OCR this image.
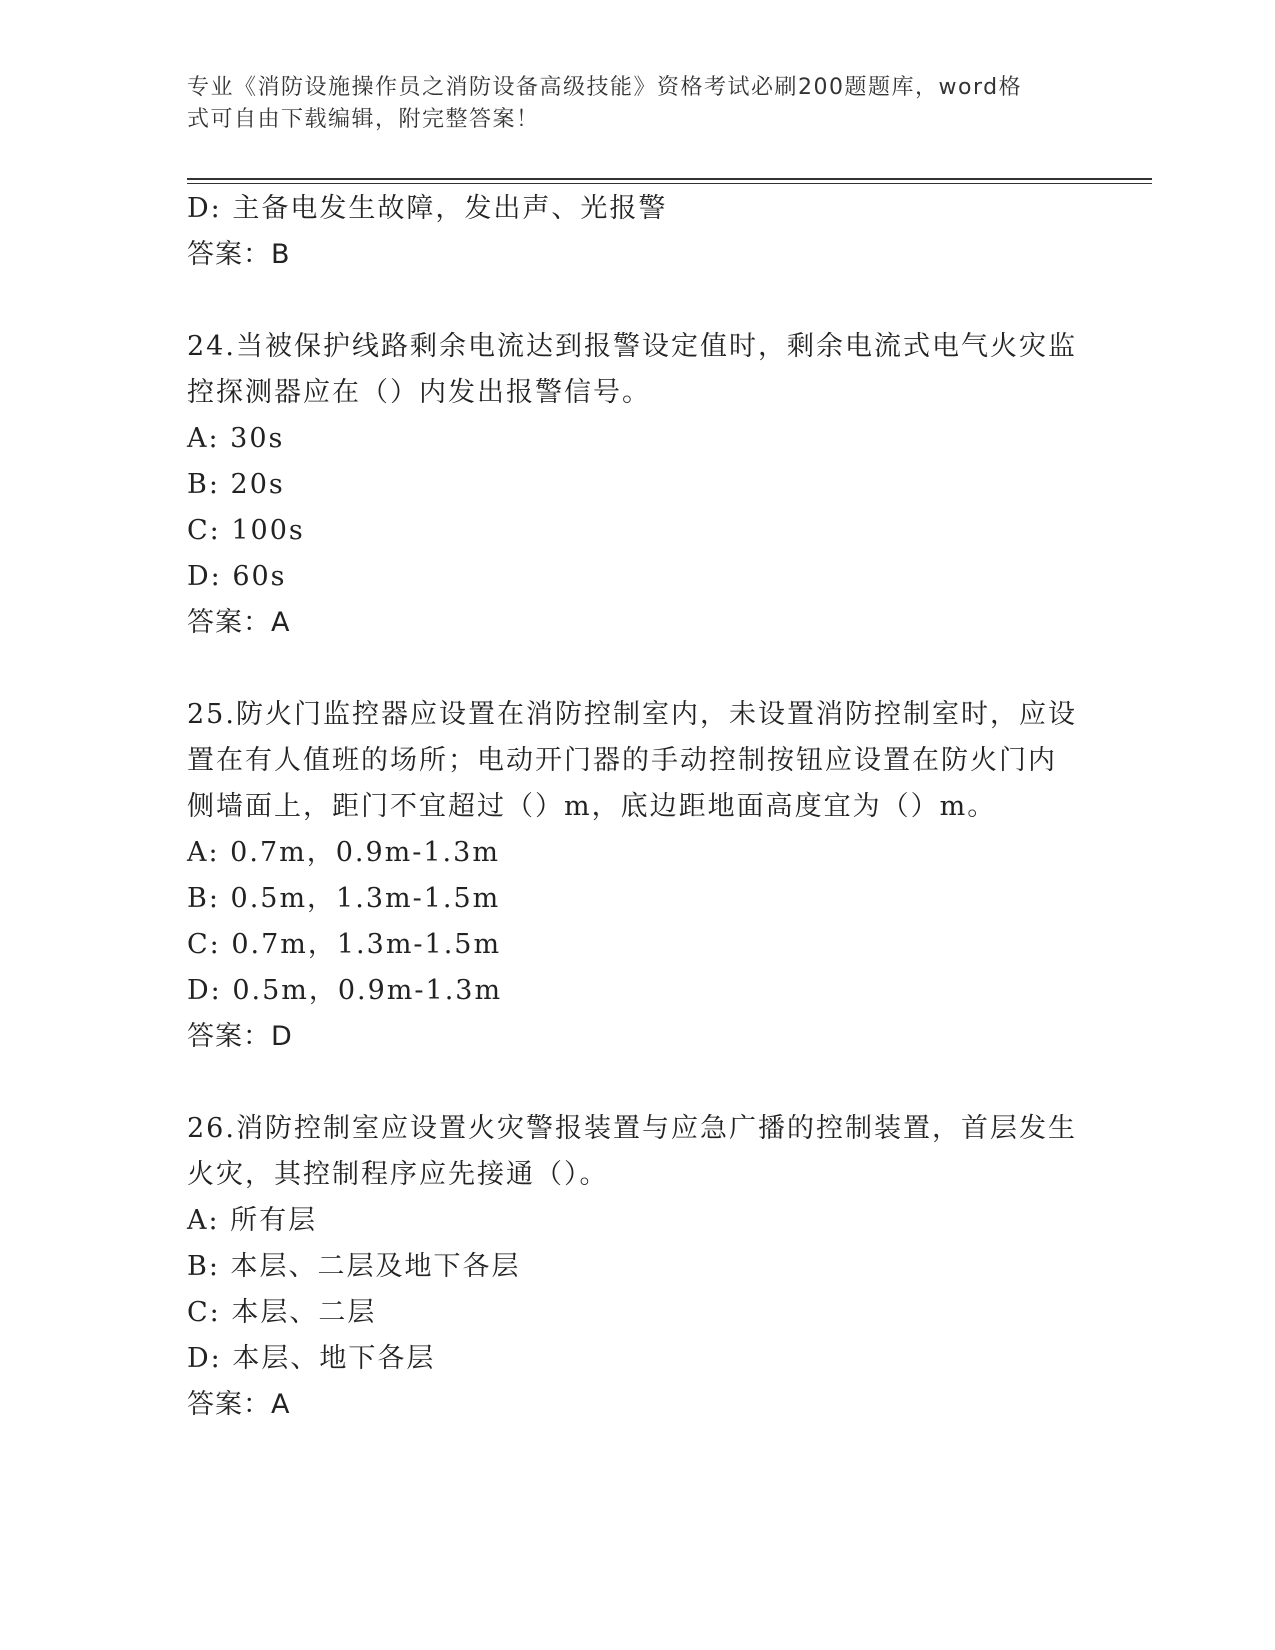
专业《消防设施操作员之消防设备高级技能》资格考试必刷200题题库，word格
式可自由下载编辑，附完整答案！
D: 主备电发生故障，发出声、光报警
答案：B
24.当被保护线路剩余电流达到报警设定值时，剩余电流式电气火灾监
控探测器应在（）内发出报警信号。
A: 30s
B: 20s
C: 100s
D: 60s
答案：A
25.防火门监控器应设置在消防控制室内，未设置消防控制室时，应设
置在有人值班的场所；电动开门器的手动控制按钮应设置在防火门内
侧墙面上，距门不宜超过（）m，底边距地面高度宜为（）m。
A: 0.7m，0.9m-1.3m
B: 0.5m，1.3m-1.5m
C: 0.7m，1.3m-1.5m
D: 0.5m，0.9m-1.3m
答案：D
26.消防控制室应设置火灾警报装置与应急广播的控制装置，首层发生
火灾，其控制程序应先接通（）。
A: 所有层
B: 本层、二层及地下各层
C: 本层、二层
D: 本层、地下各层
答案：A
